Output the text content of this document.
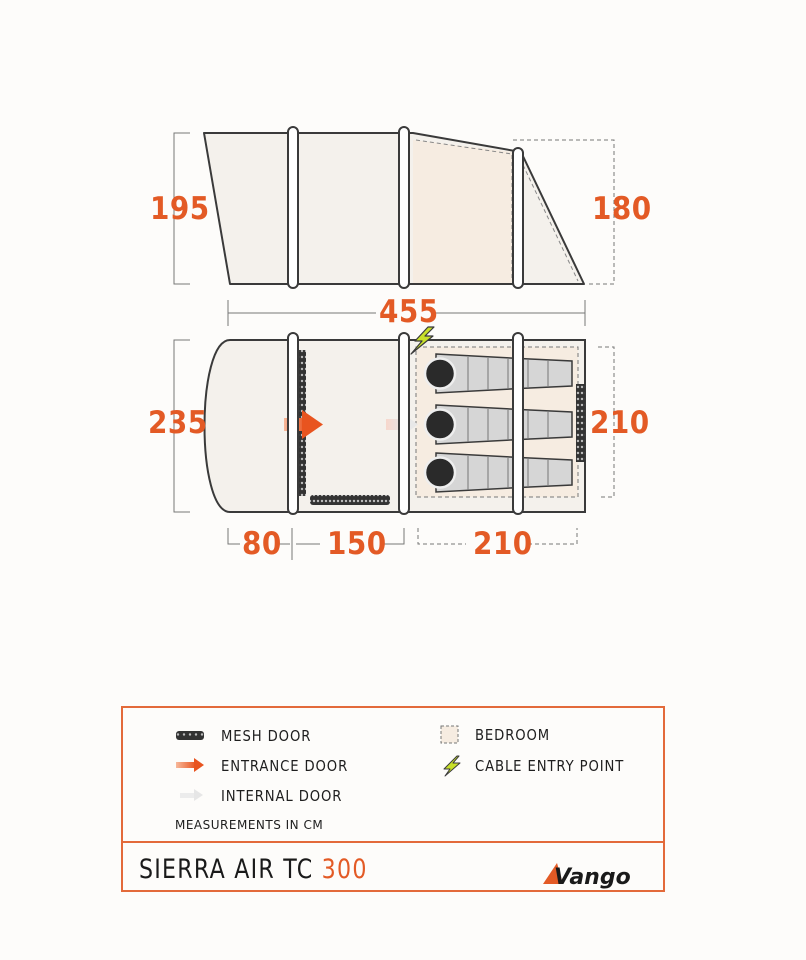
195	180
455
235	210
80 150	210
MESH DOOR
ENTRANCE DOOR
INTERNAL DOOR
MEASUREMENTS IN CM
BEDROOM
CABLE ENTRY POINT
SIERRA AIR TC 300	Vango
